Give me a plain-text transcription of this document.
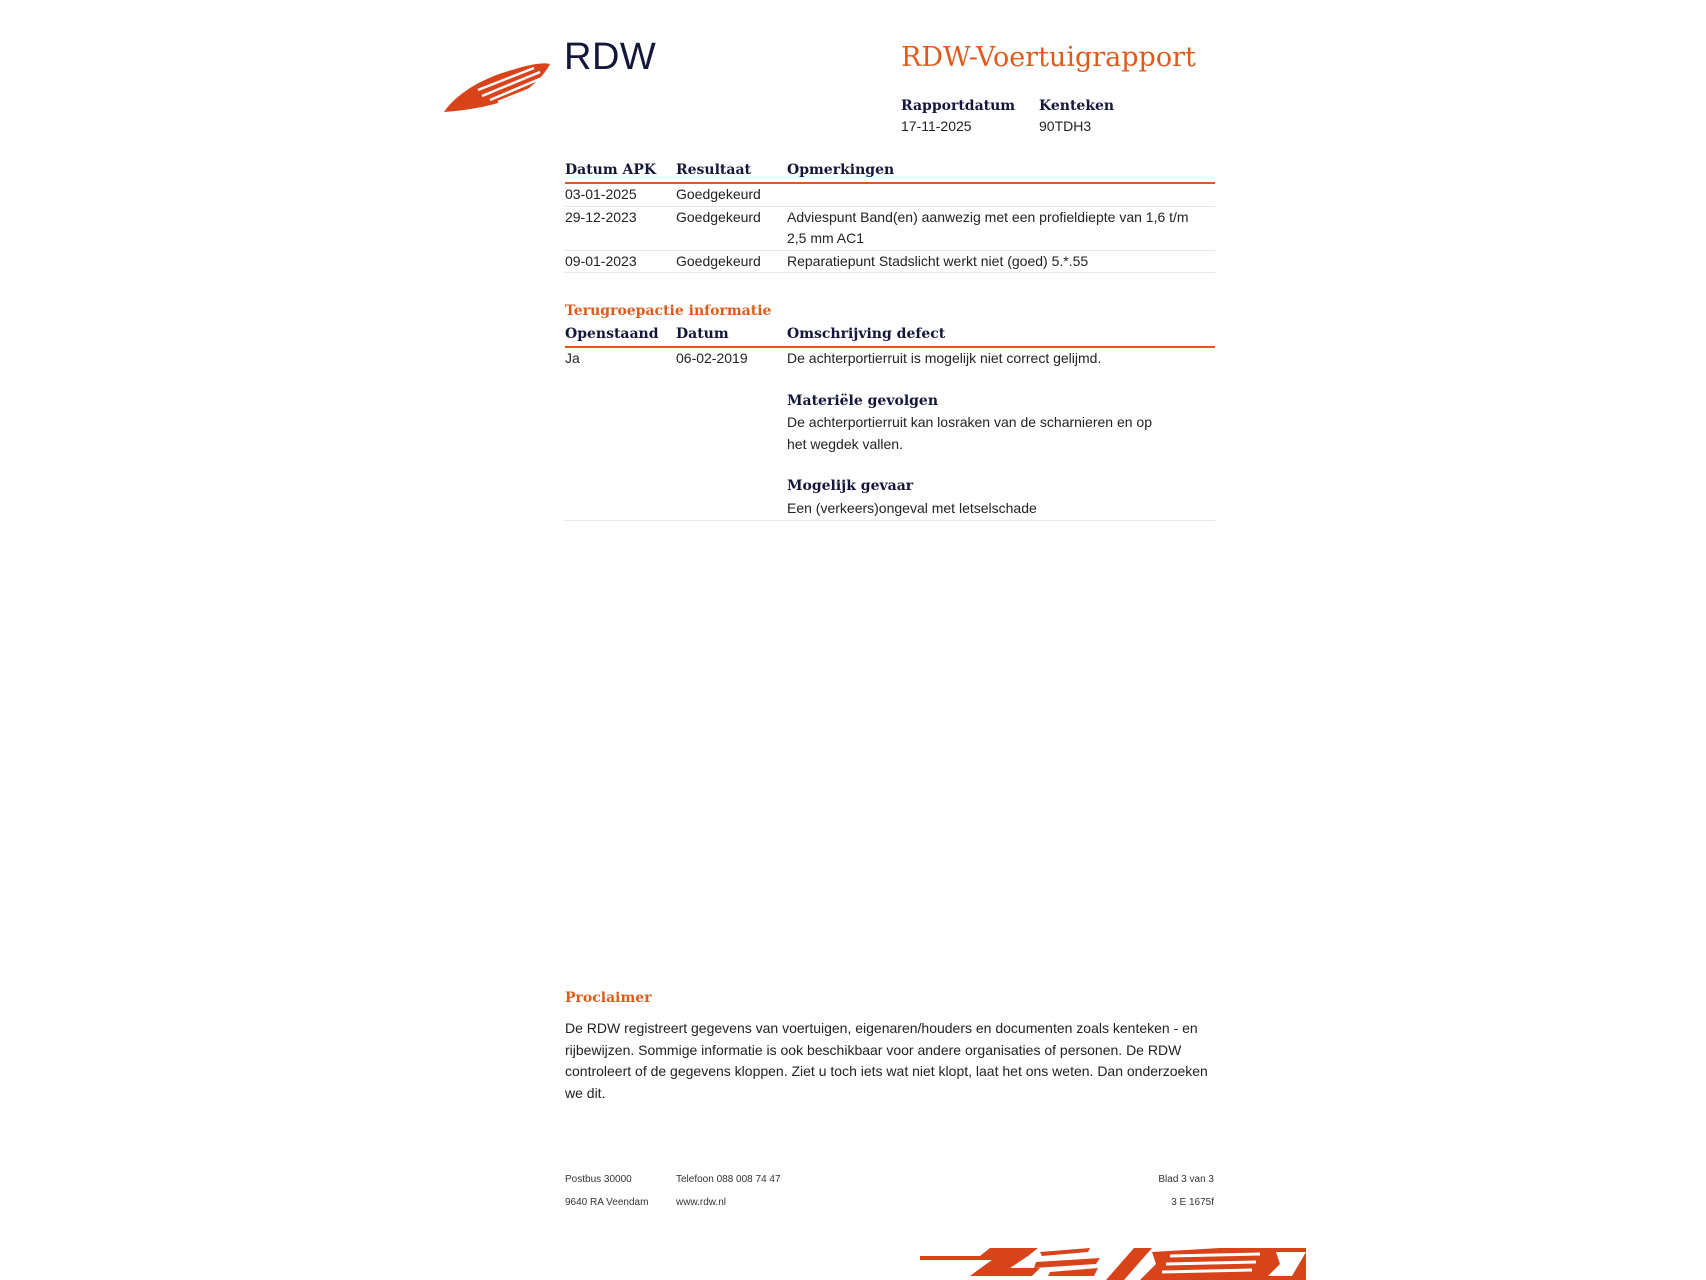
RDW	RDW-Voertuigrapport
Rapportdatum
17-11-2025
Kenteken
90TDH3
Datum APK	Resultaat	Opmerkingen
03-01-2025	Goedgekeurd	
29-12-2023	Goedgekeurd	Adviespunt Band(en) aanwezig met een profieldiepte van 1,6 t/m 2,5 mm AC1
09-01-2023	Goedgekeurd	Reparatiepunt Stadslicht werkt niet (goed) 5.*.55
Terugroepactie informatie
Openstaand	Datum	Omschrijving defect
Ja	06-02-2019	De achterportierruit is mogelijk niet correct gelijmd.
Materiële gevolgen
De achterportierruit kan losraken van de scharnieren en op het wegdek vallen.
Mogelijk gevaar
Een (verkeers)ongeval met letselschade
Proclaimer
De RDW registreert gegevens van voertuigen, eigenaren/houders en documenten zoals kenteken - en rijbewijzen. Sommige informatie is ook beschikbaar voor andere organisaties of personen. De RDW controleert of de gegevens kloppen. Ziet u toch iets wat niet klopt, laat het ons weten. Dan onderzoeken we dit.
Postbus 30000
9640 RA Veendam
Telefoon 088 008 74 47
www.rdw.nl
Blad 3 van 3
3 E 1675f
